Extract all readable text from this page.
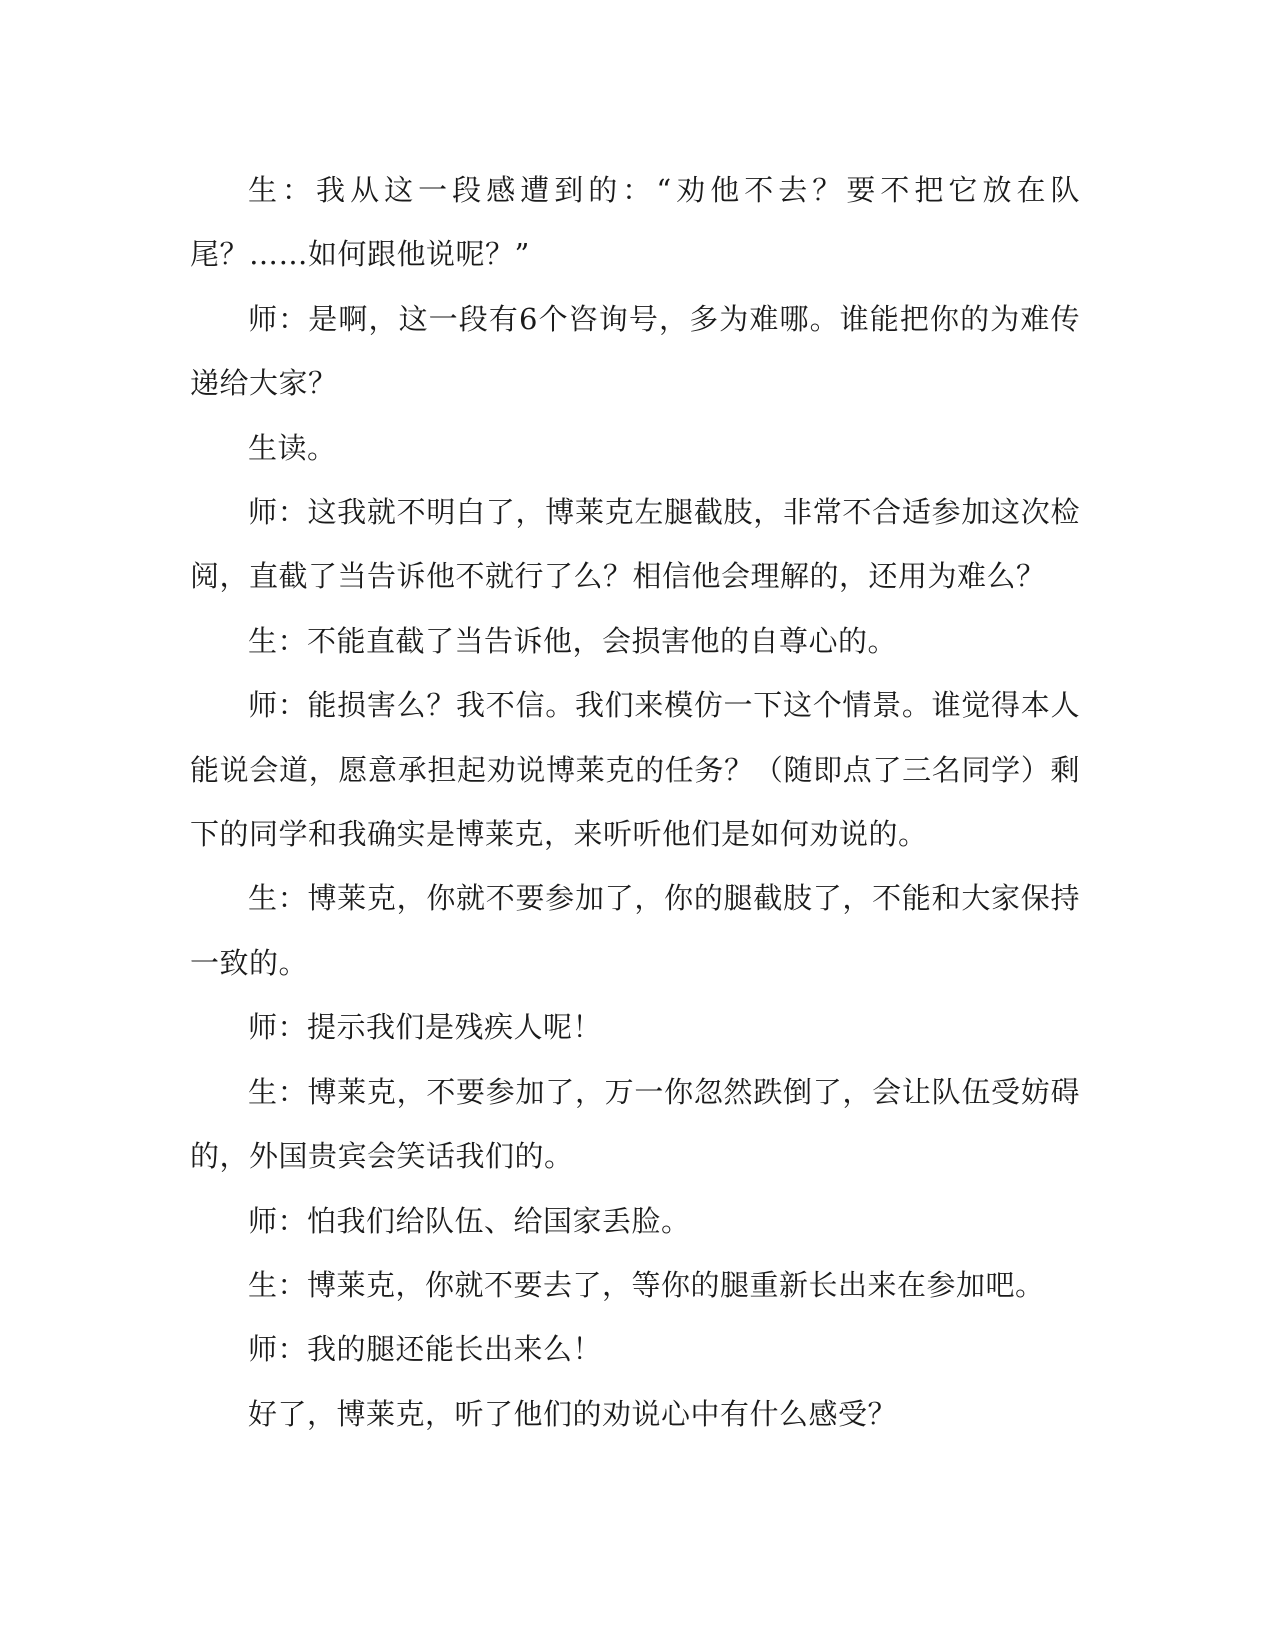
生：我从这一段感遭到的：“劝他不去？要不把它放在队尾？……如何跟他说呢？”

师：是啊，这一段有6个咨询号，多为难哪。谁能把你的为难传递给大家？

生读。

师：这我就不明白了，博莱克左腿截肢，非常不合适参加这次检阅，直截了当告诉他不就行了么？相信他会理解的，还用为难么？

生：不能直截了当告诉他，会损害他的自尊心的。

师：能损害么？我不信。我们来模仿一下这个情景。谁觉得本人能说会道，愿意承担起劝说博莱克的任务？（随即点了三名同学）剩下的同学和我确实是博莱克，来听听他们是如何劝说的。

生：博莱克，你就不要参加了，你的腿截肢了，不能和大家保持一致的。

师：提示我们是残疾人呢！

生：博莱克，不要参加了，万一你忽然跌倒了，会让队伍受妨碍的，外国贵宾会笑话我们的。

师：怕我们给队伍、给国家丢脸。

生：博莱克，你就不要去了，等你的腿重新长出来在参加吧。

师：我的腿还能长出来么！

好了，博莱克，听了他们的劝说心中有什么感受？
